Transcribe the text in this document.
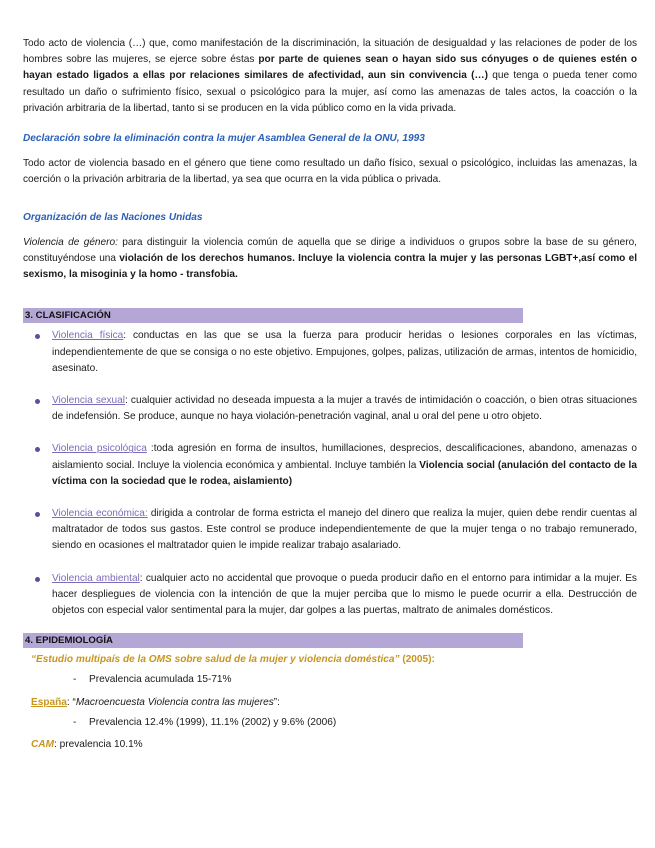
Todo acto de violencia (…) que, como manifestación de la discriminación, la situación de desigualdad y las relaciones de poder de los hombres sobre las mujeres, se ejerce sobre éstas por parte de quienes sean o hayan sido sus cónyuges o de quienes estén o hayan estado ligados a ellas por relaciones similares de afectividad, aun sin convivencia (…) que tenga o pueda tener como resultado un daño o sufrimiento físico, sexual o psicológico para la mujer, así como las amenazas de tales actos, la coacción o la privación arbitraria de la libertad, tanto si se producen en la vida público como en la vida privada.

Declaración sobre la eliminación contra la mujer Asamblea General de la ONU, 1993

Todo actor de violencia basado en el género que tiene como resultado un daño físico, sexual o psicológico, incluidas las amenazas, la coerción o la privación arbitraria de la libertad, ya sea que ocurra en la vida pública o privada.

Organización de las Naciones Unidas

Violencia de género: para distinguir la violencia común de aquella que se dirige a individuos o grupos sobre la base de su género, constituyéndose una violación de los derechos humanos. Incluye la violencia contra la mujer y las personas LGBT+,así como el sexismo, la misoginia y la homo - transfobia.

3. CLASIFICACIÓN
Violencia física: conductas en las que se usa la fuerza para producir heridas o lesiones corporales en las víctimas, independientemente de que se consiga o no este objetivo. Empujones, golpes, palizas, utilización de armas, intentos de homicidio, asesinato.
Violencia sexual: cualquier actividad no deseada impuesta a la mujer a través de intimidación o coacción, o bien otras situaciones de indefensión. Se produce, aunque no haya violación-penetración vaginal, anal u oral del pene u otro objeto.
Violencia psicológica :toda agresión en forma de insultos, humillaciones, desprecios, descalificaciones, abandono, amenazas o aislamiento social. Incluye la violencia económica y ambiental. Incluye también la Violencia social (anulación del contacto de la víctima con la sociedad que le rodea, aislamiento)
Violencia económica: dirigida a controlar de forma estricta el manejo del dinero que realiza la mujer, quien debe rendir cuentas al maltratador de todos sus gastos. Este control se produce independientemente de que la mujer tenga o no trabajo remunerado, siendo en ocasiones el maltratador quien le impide realizar trabajo asalariado.
Violencia ambiental: cualquier acto no accidental que provoque o pueda producir daño en el entorno para intimidar a la mujer. Es hacer despliegues de violencia con la intención de que la mujer perciba que lo mismo le puede ocurrir a ella. Destrucción de objetos con especial valor sentimental para la mujer, dar golpes a las puertas, maltrato de animales domésticos.
4. EPIDEMIOLOGÍA

“Estudio multipaís de la OMS sobre salud de la mujer y violencia doméstica” (2005):

- Prevalencia acumulada 15-71%

España: “Macroencuesta Violencia contra las mujeres”:

- Prevalencia 12.4% (1999), 11.1% (2002) y 9.6% (2006)

CAM: prevalencia 10.1%
